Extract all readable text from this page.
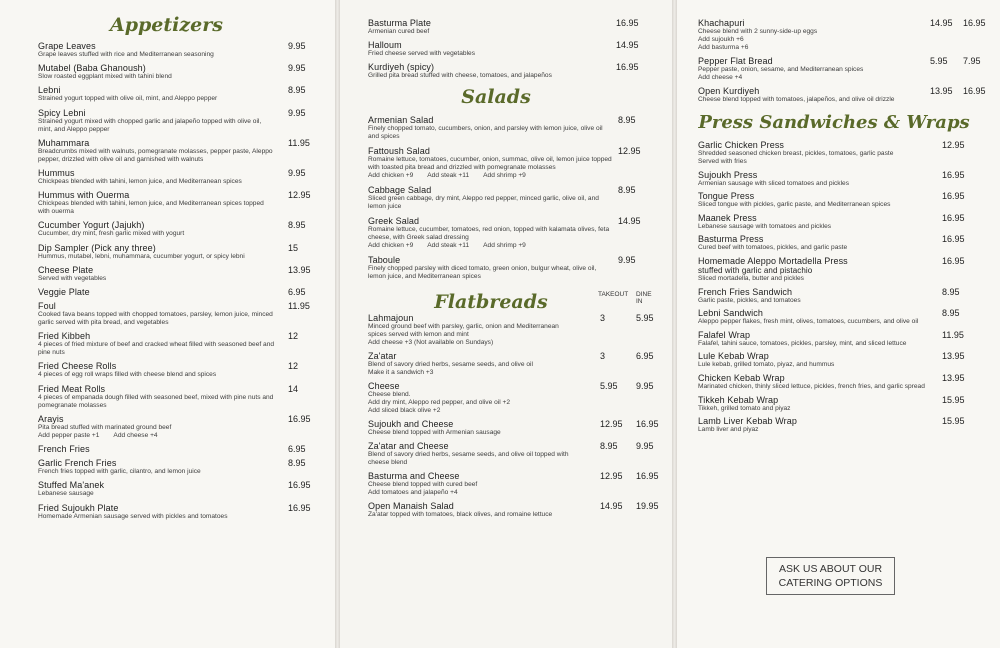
Appetizers
Grape Leaves
Grape leaves stuffed with rice and Mediterranean seasoning
9.95
Mutabel (Baba Ghanoush)
Slow roasted eggplant mixed with tahini blend
9.95
Lebni
Strained yogurt topped with olive oil, mint, and Aleppo pepper
8.95
Spicy Lebni
Strained yogurt mixed with chopped garlic and jalapeño topped with olive oil, mint, and Aleppo pepper
9.95
Muhammara
Breadcrumbs mixed with walnuts, pomegranate molasses, pepper paste, Aleppo pepper, drizzled with olive oil and garnished with walnuts
11.95
Hummus
Chickpeas blended with tahini, lemon juice, and Mediterranean spices
9.95
Hummus with Ouerma
Chickpeas blended with tahini, lemon juice, and Mediterranean spices topped with ouerma
12.95
Cucumber Yogurt (Jajukh)
Cucumber, dry mint, fresh garlic mixed with yogurt
8.95
Dip Sampler (Pick any three)
Hummus, mutabel, lebni, muhammara, cucumber yogurt, or spicy lebni
15
Cheese Plate
Served with vegetables
13.95
Veggie Plate	6.95
Foul
Cooked fava beans topped with chopped tomatoes, parsley, lemon juice, minced garlic served with pita bread, and vegetables
11.95
Fried Kibbeh
4 pieces of fried mixture of beef and cracked wheat filled with seasoned beef and pine nuts
12
Fried Cheese Rolls
4 pieces of egg roll wraps filled with cheese blend and spices
12
Fried Meat Rolls
4 pieces of empanada dough filled with seasoned beef, mixed with pine nuts and pomegranate molasses
14
Arayis
Pita bread stuffed with marinated ground beef
Add pepper paste +1 Add cheese +4
16.95
French Fries	6.95
Garlic French Fries
French fries topped with garlic, cilantro, and lemon juice
8.95
Stuffed Ma'anek
Lebanese sausage
16.95
Fried Sujoukh Plate
Homemade Armenian sausage served with pickles and tomatoes
16.95
Basturma Plate
Armenian cured beef
16.95
Halloum
Fried cheese served with vegetables
14.95
Kurdiyeh (spicy)
Grilled pita bread stuffed with cheese, tomatoes, and jalapeños
16.95
Salads
Armenian Salad
Finely chopped tomato, cucumbers, onion, and parsley with lemon juice, olive oil and spices
8.95
Fattoush Salad
Romaine lettuce, tomatoes, cucumber, onion, summac, olive oil, lemon juice topped with toasted pita bread and drizzled with pomegranate molasses
Add chicken +9 Add steak +11 Add shrimp +9
12.95
Cabbage Salad
Sliced green cabbage, dry mint, Aleppo red pepper, minced garlic, olive oil, and lemon juice
8.95
Greek Salad
Romaine lettuce, cucumber, tomatoes, red onion, topped with kalamata olives, feta cheese, with Greek salad dressing
Add chicken +9 Add steak +11 Add shrimp +9
14.95
Taboule
Finely chopped parsley with diced tomato, green onion, bulgur wheat, olive oil, lemon juice, and Mediterranean spices
9.95
Flatbreads	TAKEOUT DINE IN
Lahmajoun
Minced ground beef with parsley, garlic, onion and Mediterranean spices served with lemon and mint
Add cheese +3 (Not available on Sundays)
3	5.95
Za'atar
Blend of savory dried herbs, sesame seeds, and olive oil
Make it a sandwich +3
3	6.95
Cheese
Cheese blend.
Add dry mint, Aleppo red pepper, and olive oil +2
Add sliced black olive +2
5.95 9.95
Sujoukh and Cheese
Cheese blend topped with Armenian sausage
12.95 16.95
Za'atar and Cheese
Blend of savory dried herbs, sesame seeds, and olive oil topped with cheese blend
8.95 9.95
Basturma and Cheese
Cheese blend topped with cured beef
Add tomatoes and jalapeño +4
12.95 16.95
Open Manaish Salad
Za'atar topped with tomatoes, black olives, and romaine lettuce
14.95 19.95
Khachapuri
Cheese blend with 2 sunny-side-up eggs
Add sujoukh +6
Add basturma +6
14.95 16.95
Pepper Flat Bread
Pepper paste, onion, sesame, and Mediterranean spices
Add cheese +4
5.95 7.95
Open Kurdiyeh
Cheese blend topped with tomatoes, jalapeños, and olive oil drizzle
13.95 16.95
Press Sandwiches & Wraps
Garlic Chicken Press
Shredded seasoned chicken breast, pickles, tomatoes, garlic paste
Served with fries
12.95
Sujoukh Press
Armenian sausage with sliced tomatoes and pickles
16.95
Tongue Press
Sliced tongue with pickles, garlic paste, and Mediterranean spices
16.95
Maanek Press
Lebanese sausage with tomatoes and pickles
16.95
Basturma Press
Cured beef with tomatoes, pickles, and garlic paste
16.95
Homemade Aleppo Mortadella Press
stuffed with garlic and pistachio
Sliced mortadella, butter and pickles
16.95
French Fries Sandwich
Garlic paste, pickles, and tomatoes
8.95
Lebni Sandwich
Aleppo pepper flakes, fresh mint, olives, tomatoes, cucumbers, and olive oil
8.95
Falafel Wrap
Falafel, tahini sauce, tomatoes, pickles, parsley, mint, and sliced lettuce
11.95
Lule Kebab Wrap
Lule kebab, grilled tomato, piyaz, and hummus
13.95
Chicken Kebab Wrap
Marinated chicken, thinly sliced lettuce, pickles, french fries, and garlic spread
13.95
Tikkeh Kebab Wrap
Tikkeh, grilled tomato and piyaz
15.95
Lamb Liver Kebab Wrap
Lamb liver and piyaz
15.95
ASK US ABOUT OUR
CATERING OPTIONS
